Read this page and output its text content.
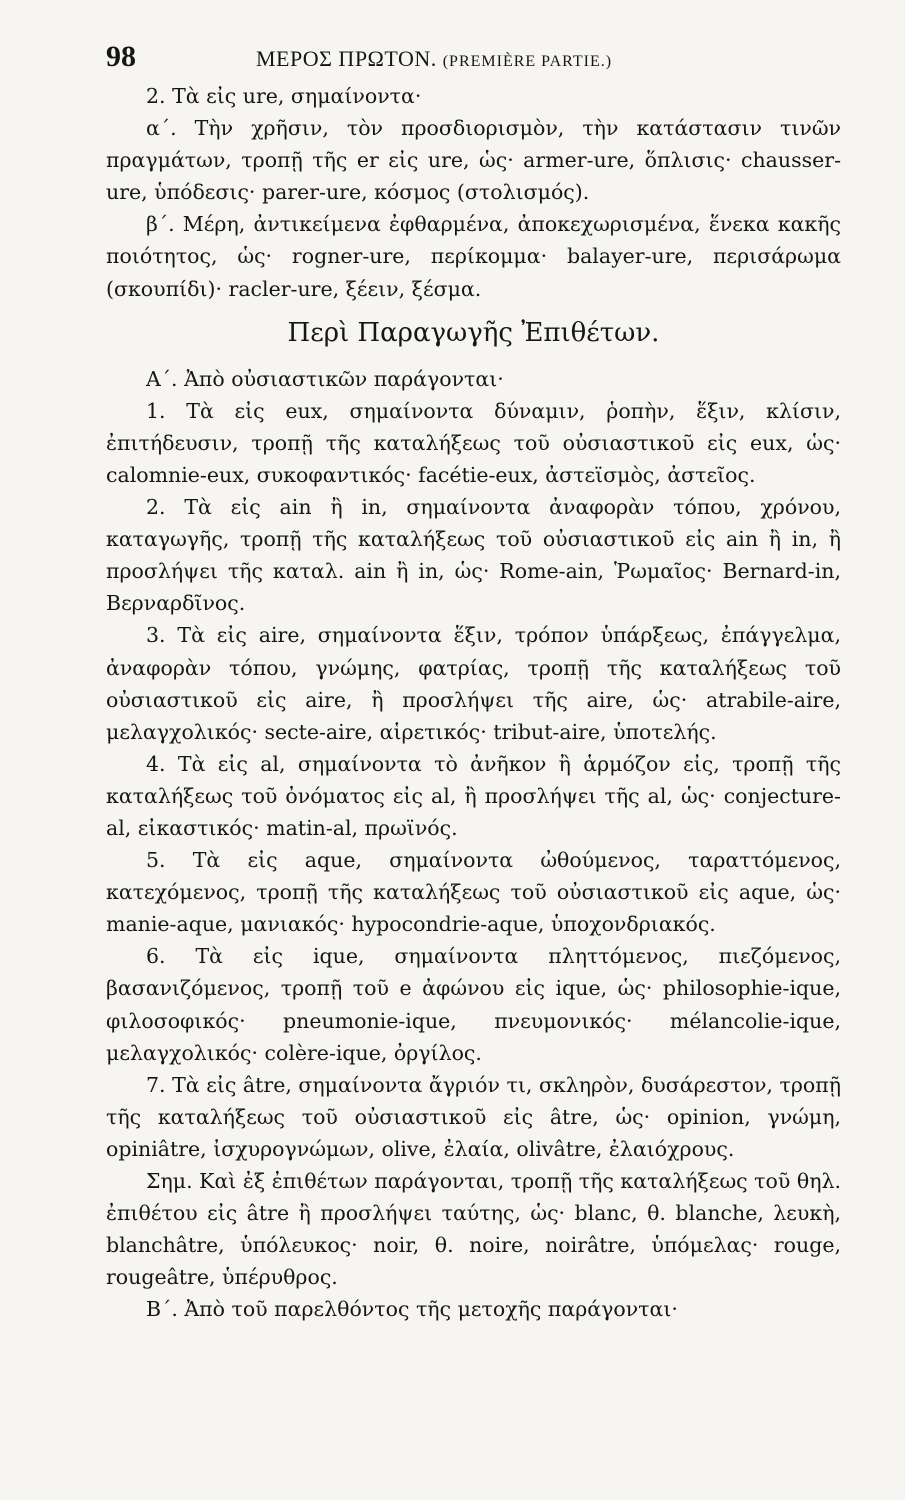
98	ΜΕΡΟΣ ΠΡΩΤΟΝ. (PREMIÈRE PARTIE.)

2. Τὰ εἰς ure, σημαίνοντα·

α΄. Τὴν χρῆσιν, τὸν προσδιορισμὸν, τὴν κατάστασιν τινῶν πραγμάτων, τροπῇ τῆς er εἰς ure, ὡς· armer-ure, ὅπλισις· chausser-ure, ὑπόδεσις· parer-ure, κόσμος (στολισμός).

β΄. Μέρη, ἀντικείμενα ἐφθαρμένα, ἀποκεχωρισμένα, ἕνεκα κακῆς ποιότητος, ὡς· rogner-ure, περίκομμα· balayer-ure, περισάρωμα (σκουπίδι)· racler-ure, ξέειν, ξέσμα.

Περὶ Παραγωγῆς Ἐπιθέτων.

Α΄. Ἀπὸ οὐσιαστικῶν παράγονται·

1. Τὰ εἰς eux, σημαίνοντα δύναμιν, ῥοπὴν, ἕξιν, κλίσιν, ἐπιτήδευσιν, τροπῇ τῆς καταλήξεως τοῦ οὐσιαστικοῦ εἰς eux, ὡς· calomnie-eux, συκοφαντικός· facétie-eux, ἀστεϊσμὸς, ἀστεῖος.

2. Τὰ εἰς ain ἢ in, σημαίνοντα ἀναφορὰν τόπου, χρόνου, καταγωγῆς, τροπῇ τῆς καταλήξεως τοῦ οὐσιαστικοῦ εἰς ain ἢ in, ἢ προσλήψει τῆς καταλ. ain ἢ in, ὡς· Rome-ain, Ῥωμαῖος· Bernard-in, Βερναρδῖνος.

3. Τὰ εἰς aire, σημαίνοντα ἕξιν, τρόπον ὑπάρξεως, ἐπάγγελμα, ἀναφορὰν τόπου, γνώμης, φατρίας, τροπῇ τῆς καταλήξεως τοῦ οὐσιαστικοῦ εἰς aire, ἢ προσλήψει τῆς aire, ὡς· atrabile-aire, μελαγχολικός· secte-aire, αἱρετικός· tribut-aire, ὑποτελής.

4. Τὰ εἰς al, σημαίνοντα τὸ ἀνῆκον ἢ ἁρμόζον εἰς, τροπῇ τῆς καταλήξεως τοῦ ὀνόματος εἰς al, ἢ προσλήψει τῆς al, ὡς· conjecture-al, εἰκαστικός· matin-al, πρωϊνός.

5. Τὰ εἰς aque, σημαίνοντα ὠθούμενος, ταραττόμενος, κατεχόμενος, τροπῇ τῆς καταλήξεως τοῦ οὐσιαστικοῦ εἰς aque, ὡς· manie-aque, μανιακός· hypocondrie-aque, ὑποχονδριακός.

6. Τὰ εἰς ique, σημαίνοντα πληττόμενος, πιεζόμενος, βασανιζόμενος, τροπῇ τοῦ e ἀφώνου εἰς ique, ὡς· philosophie-ique, φιλοσοφικός· pneumonie-ique, πνευμονικός· mélancolie-ique, μελαγχολικός· colère-ique, ὀργίλος.

7. Τὰ εἰς âtre, σημαίνοντα ἄγριόν τι, σκληρὸν, δυσάρεστον, τροπῇ τῆς καταλήξεως τοῦ οὐσιαστικοῦ εἰς âtre, ὡς· opinion, γνώμη, opiniâtre, ἰσχυρογνώμων, olive, ἐλαία, olivâtre, ἐλαιόχρους.

Σημ. Καὶ ἐξ ἐπιθέτων παράγονται, τροπῇ τῆς καταλήξεως τοῦ θηλ. ἐπιθέτου εἰς âtre ἢ προσλήψει ταύτης, ὡς· blanc, θ. blanche, λευκὴ, blanchâtre, ὑπόλευκος· noir, θ. noire, noirâtre, ὑπόμελας· rouge, rougeâtre, ὑπέρυθρος.

Β΄. Ἀπὸ τοῦ παρελθόντος τῆς μετοχῆς παράγονται·
